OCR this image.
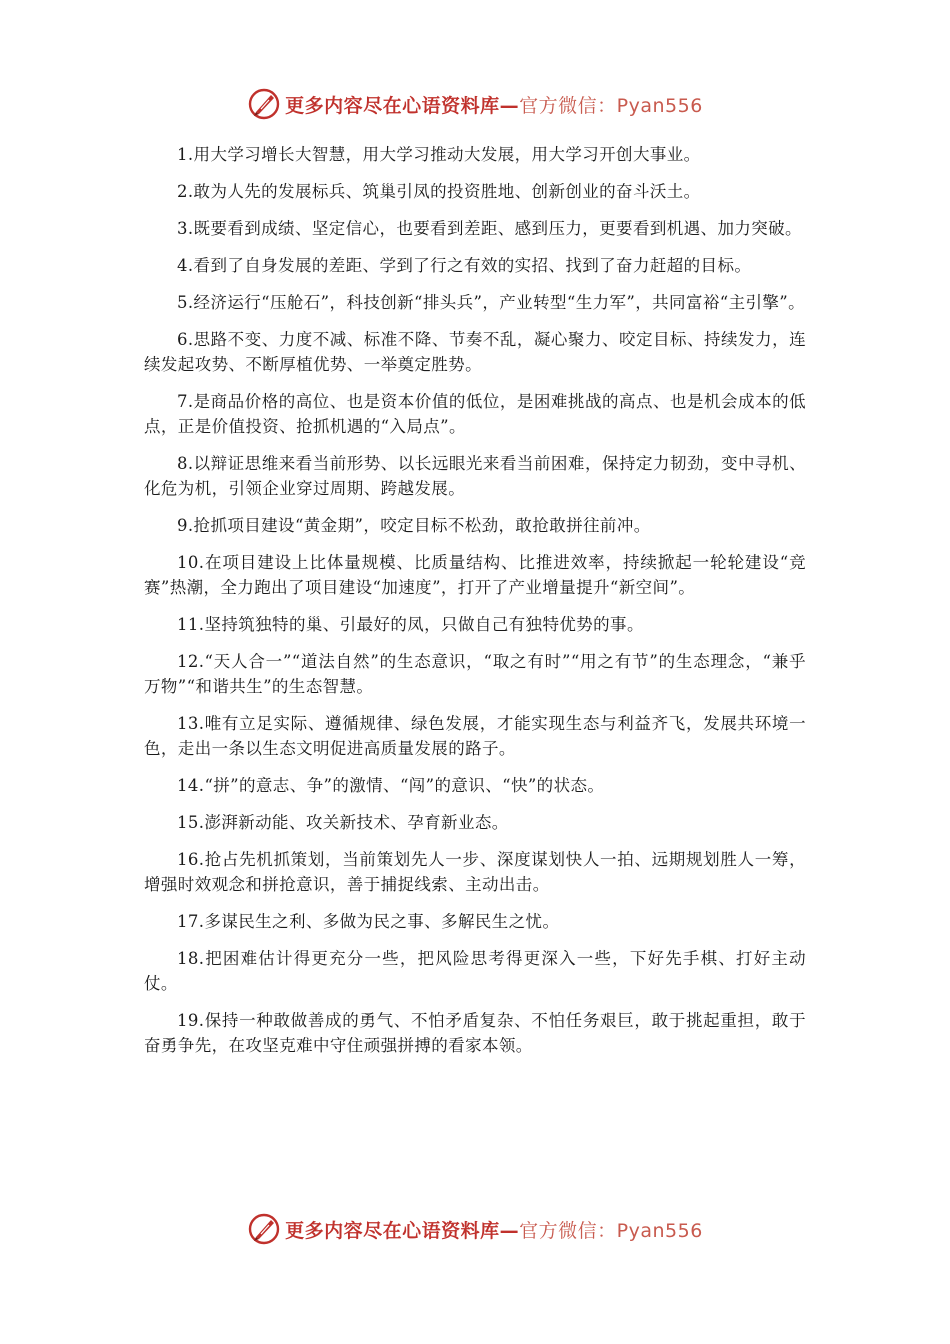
更多内容尽在心语资料库—官方微信：Pyan556

1.用大学习增长大智慧，用大学习推动大发展，用大学习开创大事业。

2.敢为人先的发展标兵、筑巢引凤的投资胜地、创新创业的奋斗沃土。

3.既要看到成绩、坚定信心，也要看到差距、感到压力，更要看到机遇、加力突破。

4.看到了自身发展的差距、学到了行之有效的实招、找到了奋力赶超的目标。

5.经济运行“压舱石”，科技创新“排头兵”，产业转型“生力军”，共同富裕“主引擎”。

6.思路不变、力度不减、标准不降、节奏不乱，凝心聚力、咬定目标、持续发力，连续发起攻势、不断厚植优势、一举奠定胜势。

7.是商品价格的高位、也是资本价值的低位，是困难挑战的高点、也是机会成本的低点，正是价值投资、抢抓机遇的“入局点”。

8.以辩证思维来看当前形势、以长远眼光来看当前困难，保持定力韧劲，变中寻机、化危为机，引领企业穿过周期、跨越发展。

9.抢抓项目建设“黄金期”，咬定目标不松劲，敢抢敢拼往前冲。

10.在项目建设上比体量规模、比质量结构、比推进效率，持续掀起一轮轮建设“竞赛”热潮，全力跑出了项目建设“加速度”，打开了产业增量提升“新空间”。

11.坚持筑独特的巢、引最好的凤，只做自己有独特优势的事。

12.“天人合一”“道法自然”的生态意识，“取之有时”“用之有节”的生态理念，“兼乎万物”“和谐共生”的生态智慧。

13.唯有立足实际、遵循规律、绿色发展，才能实现生态与利益齐飞，发展共环境一色，走出一条以生态文明促进高质量发展的路子。

14.“拼”的意志、争”的激情、“闯”的意识、“快”的状态。

15.澎湃新动能、攻关新技术、孕育新业态。

16.抢占先机抓策划，当前策划先人一步、深度谋划快人一拍、远期规划胜人一筹，增强时效观念和拼抢意识，善于捕捉线索、主动出击。

17.多谋民生之利、多做为民之事、多解民生之忧。

18.把困难估计得更充分一些，把风险思考得更深入一些，下好先手棋、打好主动仗。

19.保持一种敢做善成的勇气、不怕矛盾复杂、不怕任务艰巨，敢于挑起重担，敢于奋勇争先，在攻坚克难中守住顽强拼搏的看家本领。

更多内容尽在心语资料库—官方微信：Pyan556
